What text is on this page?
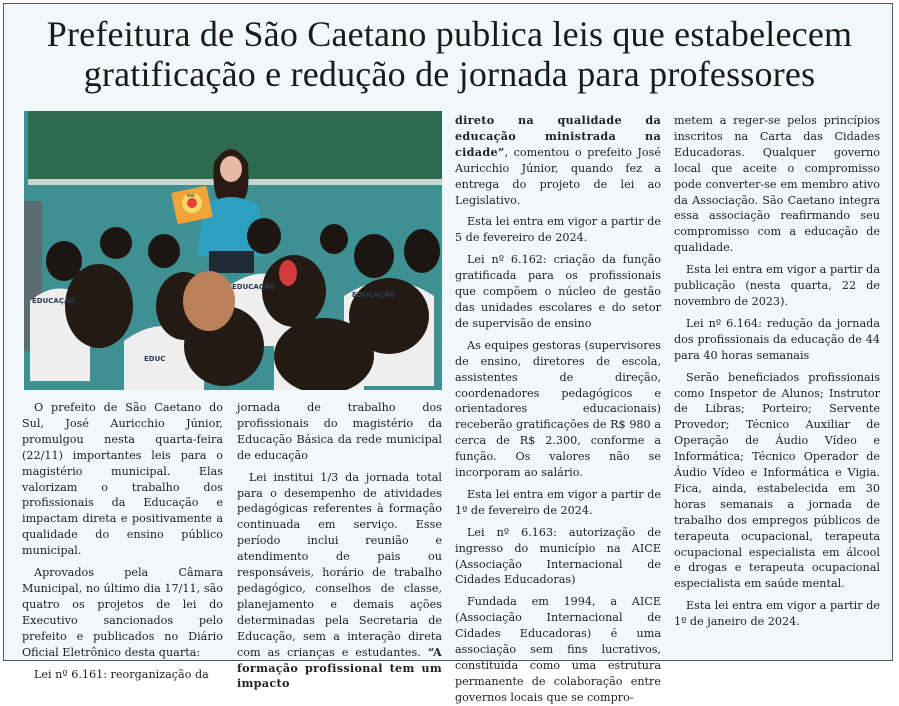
Prefeitura de São Caetano publica leis que estabelecem
gratificação e redução de jornada para professores
ee
EDUCAÇÃO
EDUCAÇÃO
EDUC
EDUCAÇÃO

O prefeito de São Caetano do Sul, José Auricchio Júnior, promulgou nesta quarta-feira (22/11) importantes leis para o magistério municipal. Elas valorizam o trabalho dos profissionais da Educação e impactam direta e positivamente a qualidade do ensino público municipal.

Aprovados pela Câmara Municipal, no último dia 17/11, são quatro os projetos de lei do Executivo sancionados pelo prefeito e publicados no Diário Oficial Eletrônico desta quarta:

Lei nº 6.161: reorganização da

jornada de trabalho dos profissionais do magistério da Educação Básica da rede municipal de educação

Lei institui 1/3 da jornada total para o desempenho de atividades pedagógicas referentes à formação continuada em serviço. Esse período inclui reunião e atendimento de pais ou responsáveis, horário de trabalho pedagógico, conselhos de classe, planejamento e demais ações determinadas pela Secretaria de Educação, sem a interação direta com as crianças e estudantes. “A formação profissional tem um impacto

direto na qualidade da educação ministrada na cidade”, comentou o prefeito José Auricchio Júnior, quando fez a entrega do projeto de lei ao Legislativo.

Esta lei entra em vigor a partir de 5 de fevereiro de 2024.

Lei nº 6.162: criação da função gratificada para os profissionais que compõem o núcleo de gestão das unidades escolares e do setor de supervisão de ensino

As equipes gestoras (supervisores de ensino, diretores de escola, assistentes de direção, coordenadores pedagógicos e orientadores educacionais) receberão gratificações de R$ 980 a cerca de R$ 2.300, conforme a função. Os valores não se incorporam ao salário.

Esta lei entra em vigor a partir de 1º de fevereiro de 2024.

Lei nº 6.163: autorização de ingresso do município na AICE (Associação Internacional de Cidades Educadoras)

Fundada em 1994, a AICE (Associação Internacional de Cidades Educadoras) é uma associação sem fins lucrativos, constituída como uma estrutura permanente de colaboração entre governos locais que se compro-

metem a reger-se pelos princípios inscritos na Carta das Cidades Educadoras. Qualquer governo local que aceite o compromisso pode converter-se em membro ativo da Associação. São Caetano integra essa associação reafirmando seu compromisso com a educação de qualidade.

Esta lei entra em vigor a partir da publicação (nesta quarta, 22 de novembro de 2023).

Lei nº 6.164: redução da jornada dos profissionais da educação de 44 para 40 horas semanais

Serão beneficiados profissionais como Inspetor de Alunos; Instrutor de Libras; Porteiro; Servente Provedor; Técnico Auxiliar de Operação de Áudio Vídeo e Informática; Técnico Operador de Áudio Vídeo e Informática e Vigia. Fica, ainda, estabelecida em 30 horas semanais a jornada de trabalho dos empregos públicos de terapeuta ocupacional, terapeuta ocupacional especialista em álcool e drogas e terapeuta ocupacional especialista em saúde mental.

Esta lei entra em vigor a partir de 1º de janeiro de 2024.
